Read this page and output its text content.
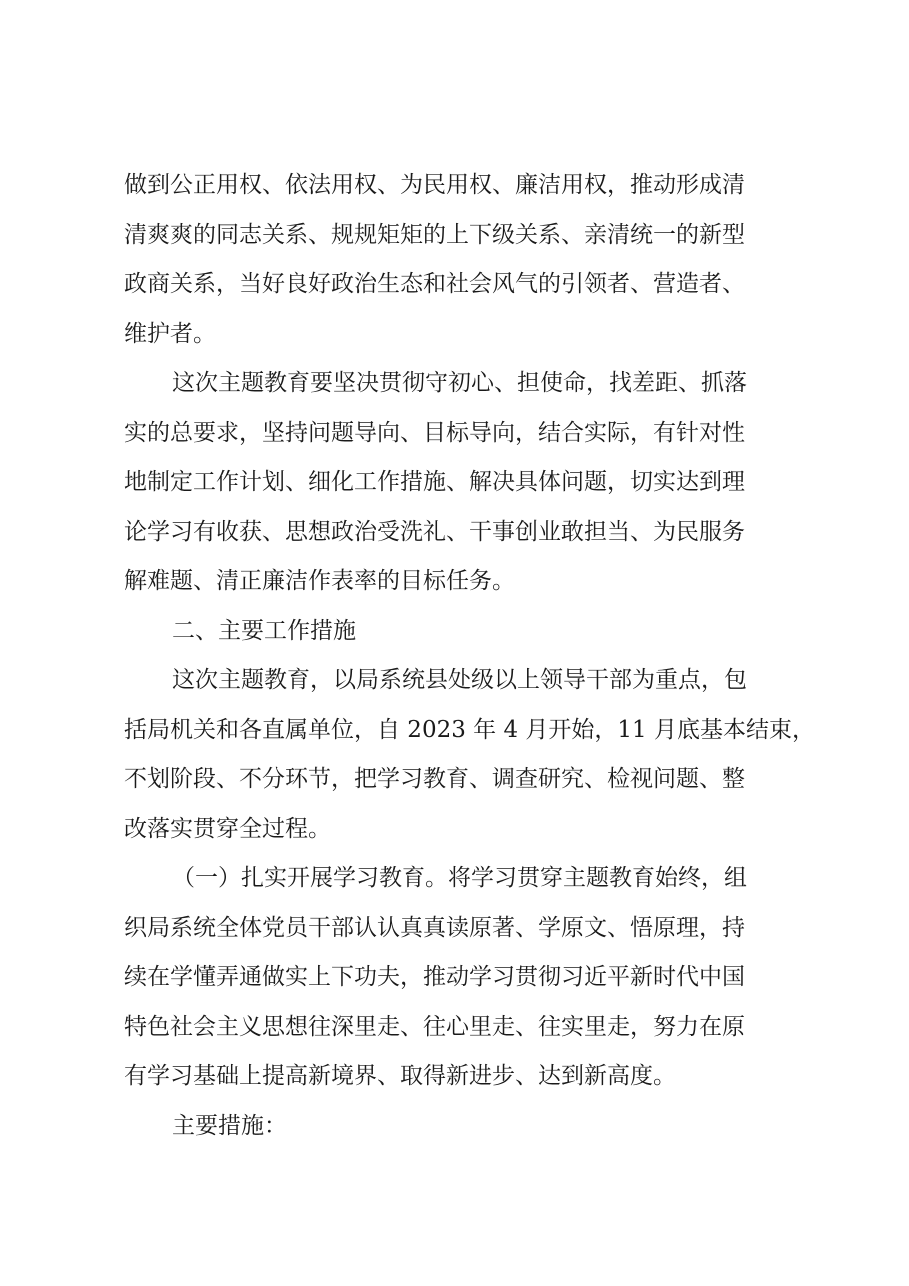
做到公正用权、依法用权、为民用权、廉洁用权，推动形成清
清爽爽的同志关系、规规矩矩的上下级关系、亲清统一的新型
政商关系，当好良好政治生态和社会风气的引领者、营造者、
维护者。
这次主题教育要坚决贯彻守初心、担使命，找差距、抓落
实的总要求，坚持问题导向、目标导向，结合实际，有针对性
地制定工作计划、细化工作措施、解决具体问题，切实达到理
论学习有收获、思想政治受洗礼、干事创业敢担当、为民服务
解难题、清正廉洁作表率的目标任务。
二、主要工作措施
这次主题教育，以局系统县处级以上领导干部为重点，包
括局机关和各直属单位，自 2023 年 4 月开始，11 月底基本结束，
不划阶段、不分环节，把学习教育、调查研究、检视问题、整
改落实贯穿全过程。
（一）扎实开展学习教育。将学习贯穿主题教育始终，组
织局系统全体党员干部认认真真读原著、学原文、悟原理，持
续在学懂弄通做实上下功夫，推动学习贯彻习近平新时代中国
特色社会主义思想往深里走、往心里走、往实里走，努力在原
有学习基础上提高新境界、取得新进步、达到新高度。
主要措施：
